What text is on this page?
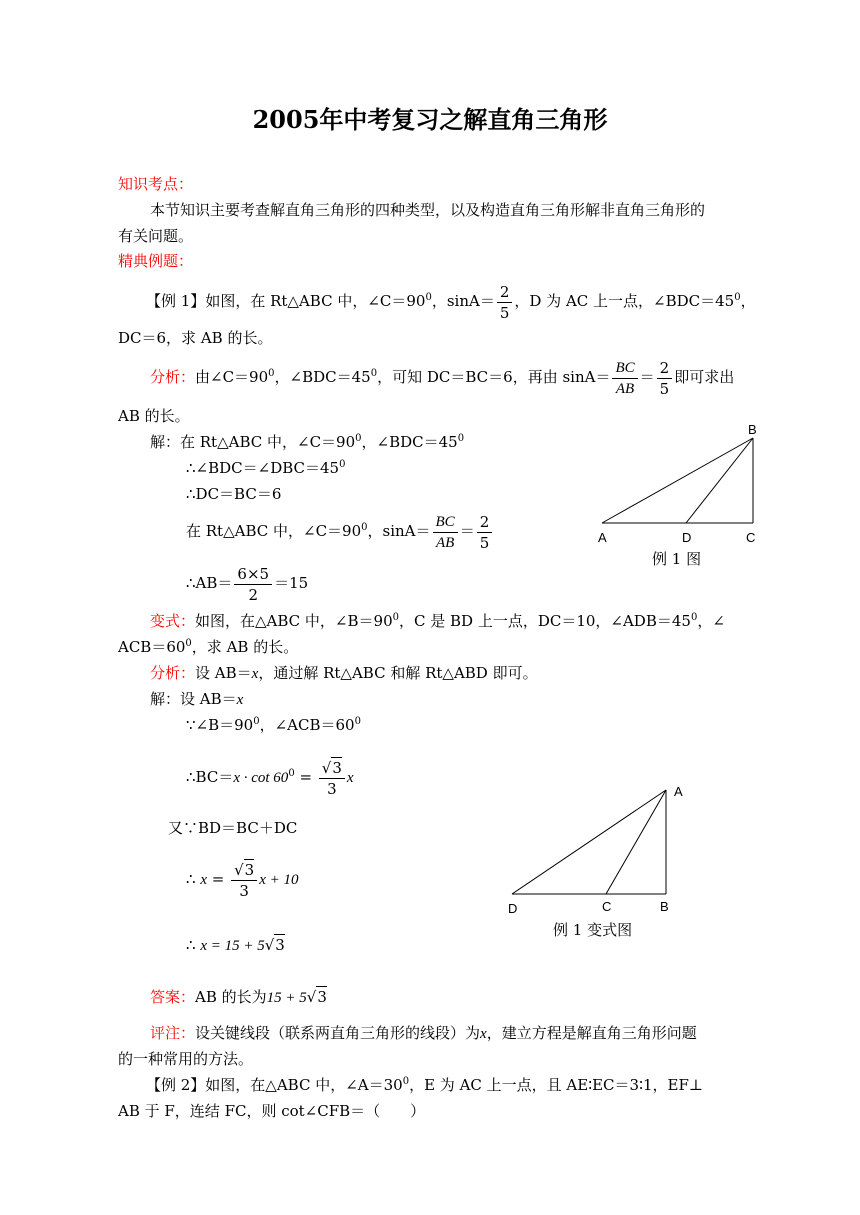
2005年中考复习之解直角三角形
知识考点：
本节知识主要考查解直角三角形的四种类型，以及构造直角三角形解非直角三角形的
有关问题。
精典例题：
【例 1】如图，在 Rt△ABC 中，$\angle C=90^0$，$\sin A= \frac{2}{5}$ ，D 为 AC 上一点，$\angle BDC=45^0$，
DC＝6，求 AB 的长。
分析：由$\angle C=90^0$，$\angle BDC=45^0$，可知 DC＝BC＝6，再由 $\sin A= \frac{BC}{AB} = \frac{2}{5}$ 即可求出
AB 的长。
解：在 Rt△ABC 中，$\angle C=90^0$，$\angle BDC=45^0$
$\therefore\angle BDC=\angle DBC=45^0$
∴DC＝BC＝6
在 Rt△ABC 中，$\angle C=90^0$，$\sin A= \frac{BC}{AB} = \frac{2}{5}$
∴AB＝ $\frac{6\times 5}{2} =15$
A	D	C
B
例 1 图
变式：如图，在△ABC 中，$\angle B=90^0$，C 是 BD 上一点，DC＝10，$\angle ADB=45^0$，∠
$ACB=60^0$，求 AB 的长。
分析：设 AB＝x，通过解 Rt△ABC 和解 Rt△ABD 即可。
解：设 AB＝x
$\because\angle B=90^0$，$\angle ACB=60^0$
∴BC＝x · $\cot 60^0 = \frac{√3}{3}$ x
又∵BD＝BC＋DC
∴ $x = \frac{√3}{3}$ x + 10
∴ x = 15 + 5√3
A
D	C	B
例 1 变式图
答案：AB 的长为15 + 5√3
评注：设关键线段（联系两直角三角形的线段）为x，建立方程是解直角三角形问题
的一种常用的方法。
【例 2】如图，在△ABC 中，$\angle A=30^0$，E 为 AC 上一点，且 AE∶EC＝3∶1，EF⊥
AB 于 F，连结 FC，则 cot∠CFB＝（　　）
